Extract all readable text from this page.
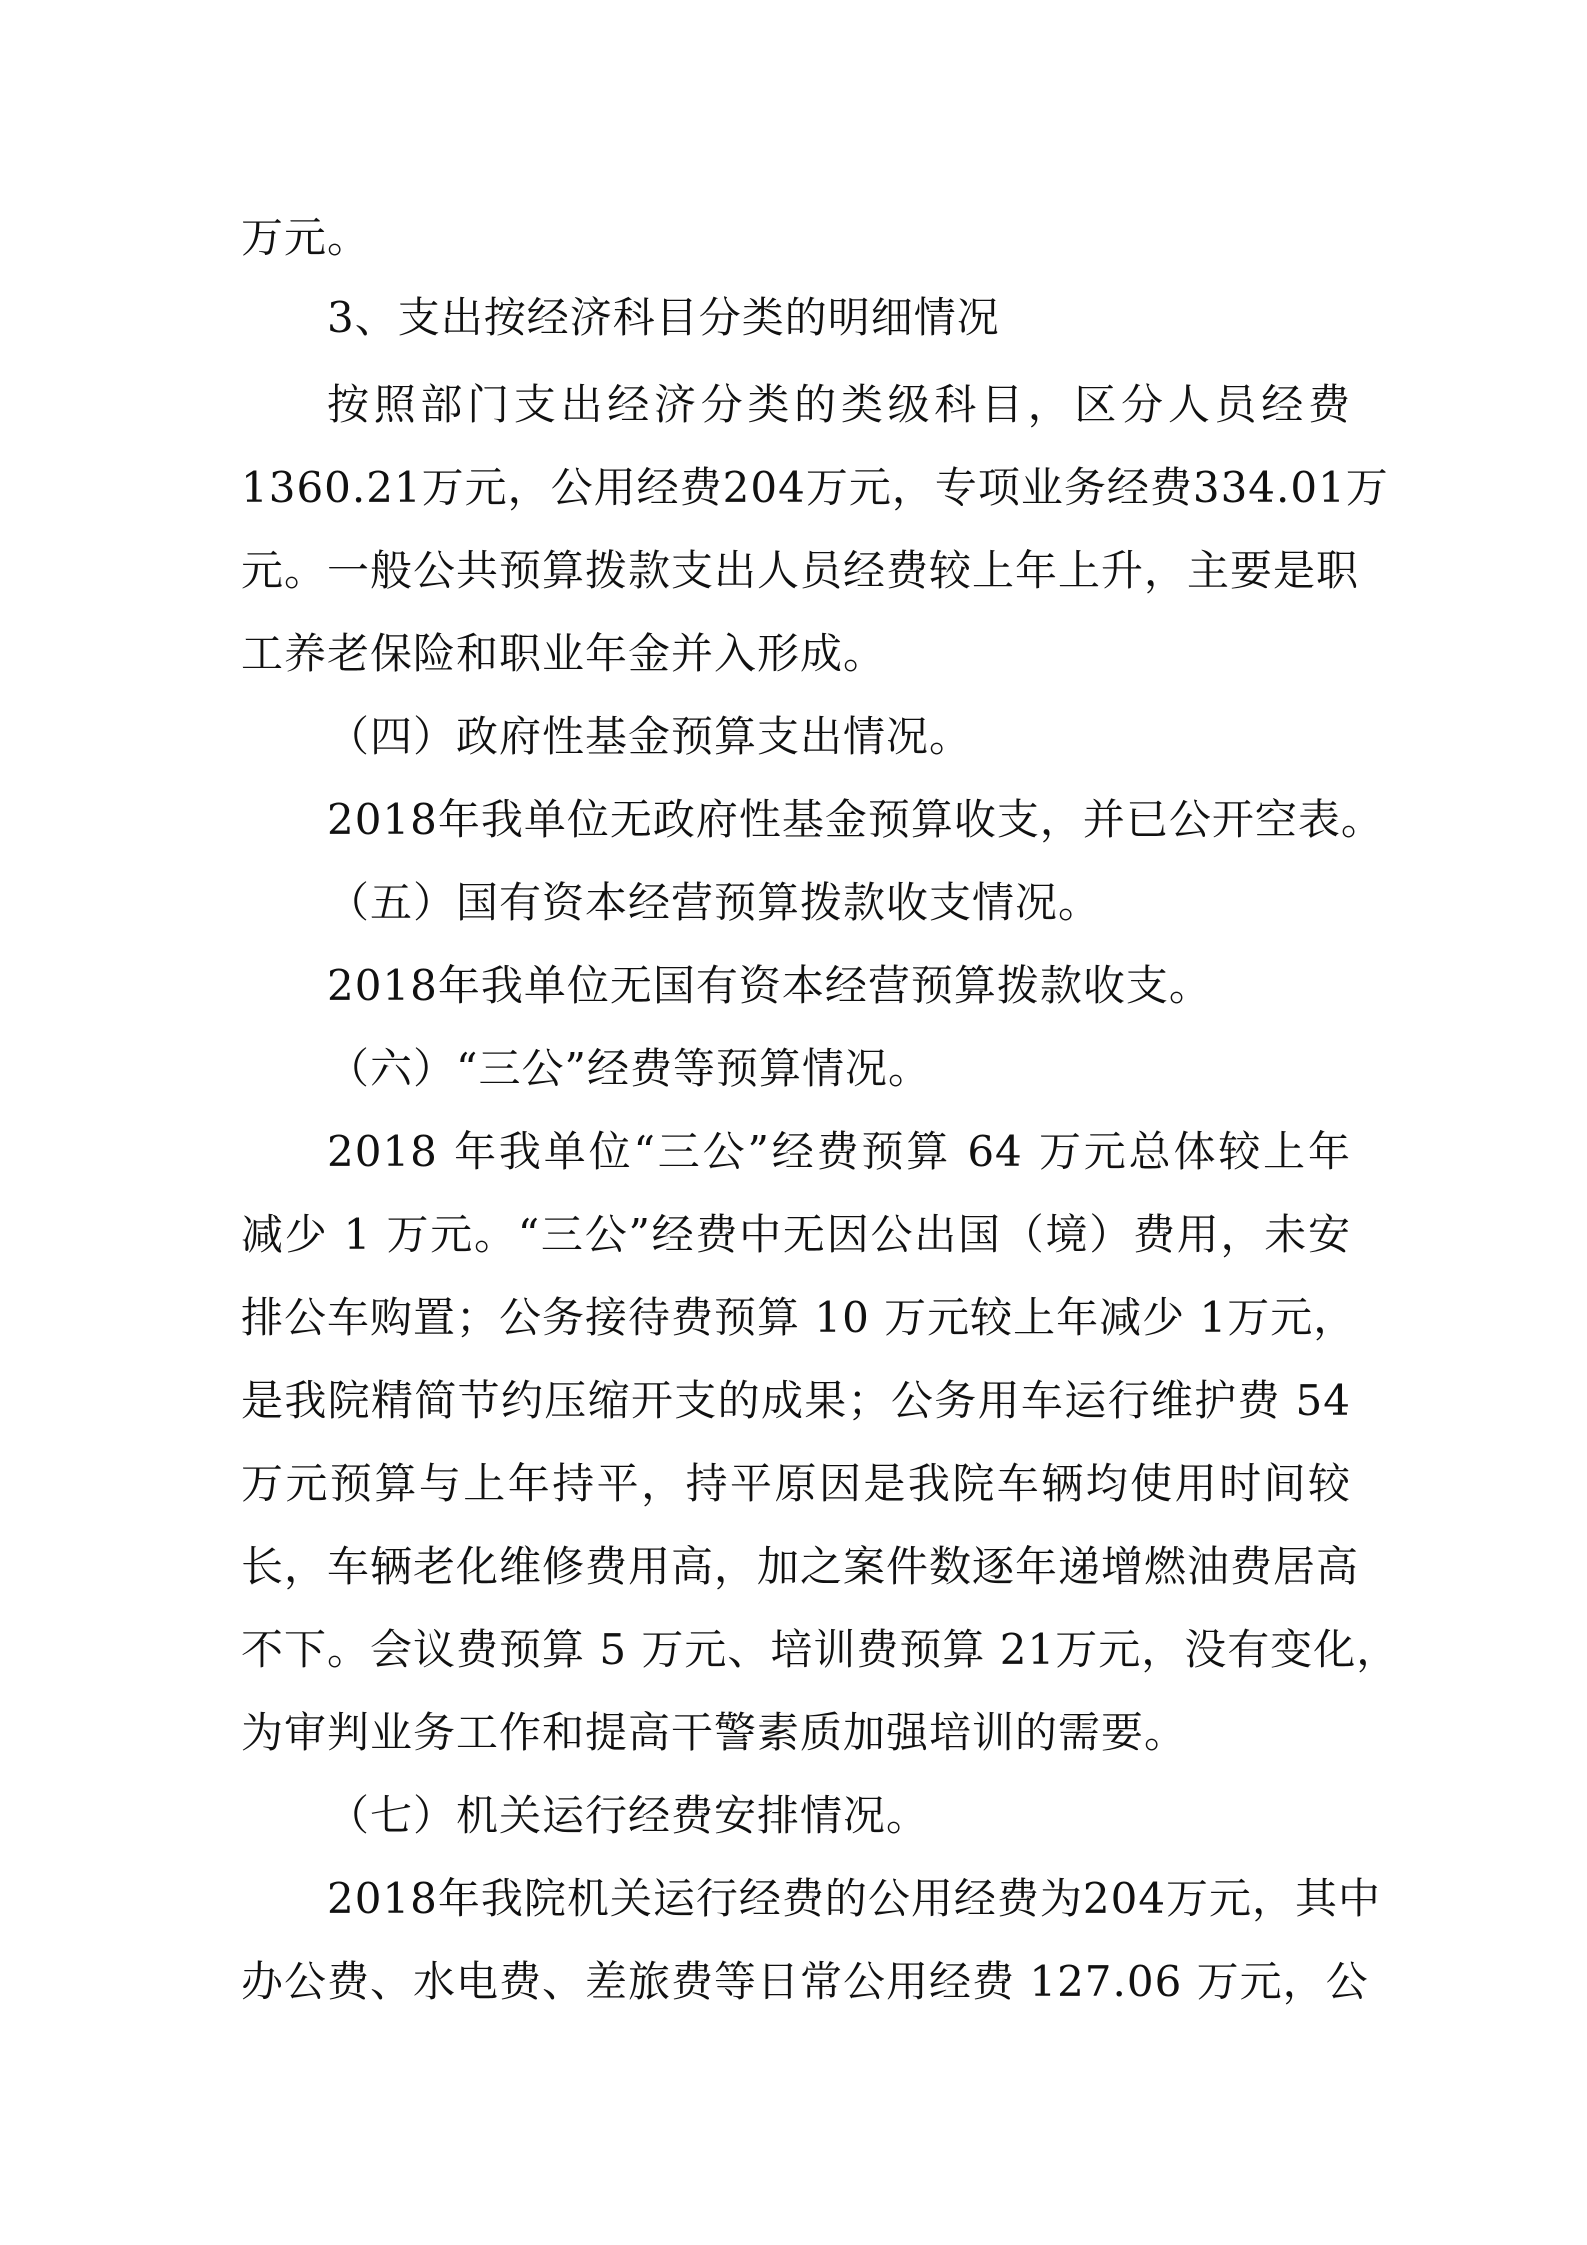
万元。
3、支出按经济科目分类的明细情况
按照部门支出经济分类的类级科目，区分人员经费
1360.21万元，公用经费204万元，专项业务经费334.01万
元。一般公共预算拨款支出人员经费较上年上升，主要是职
工养老保险和职业年金并入形成。
（四）政府性基金预算支出情况。
2018年我单位无政府性基金预算收支，并已公开空表。
（五）国有资本经营预算拨款收支情况。
2018年我单位无国有资本经营预算拨款收支。
（六）“三公”经费等预算情况。
2018 年我单位“三公”经费预算 64 万元总体较上年
减少 1 万元。“三公”经费中无因公出国（境）费用，未安
排公车购置；公务接待费预算 10 万元较上年减少 1万元，
是我院精简节约压缩开支的成果；公务用车运行维护费 54
万元预算与上年持平，持平原因是我院车辆均使用时间较
长，车辆老化维修费用高，加之案件数逐年递增燃油费居高
不下。会议费预算 5 万元、培训费预算 21万元，没有变化，
为审判业务工作和提高干警素质加强培训的需要。
（七）机关运行经费安排情况。
2018年我院机关运行经费的公用经费为204万元，其中
办公费、水电费、差旅费等日常公用经费 127.06 万元，公
